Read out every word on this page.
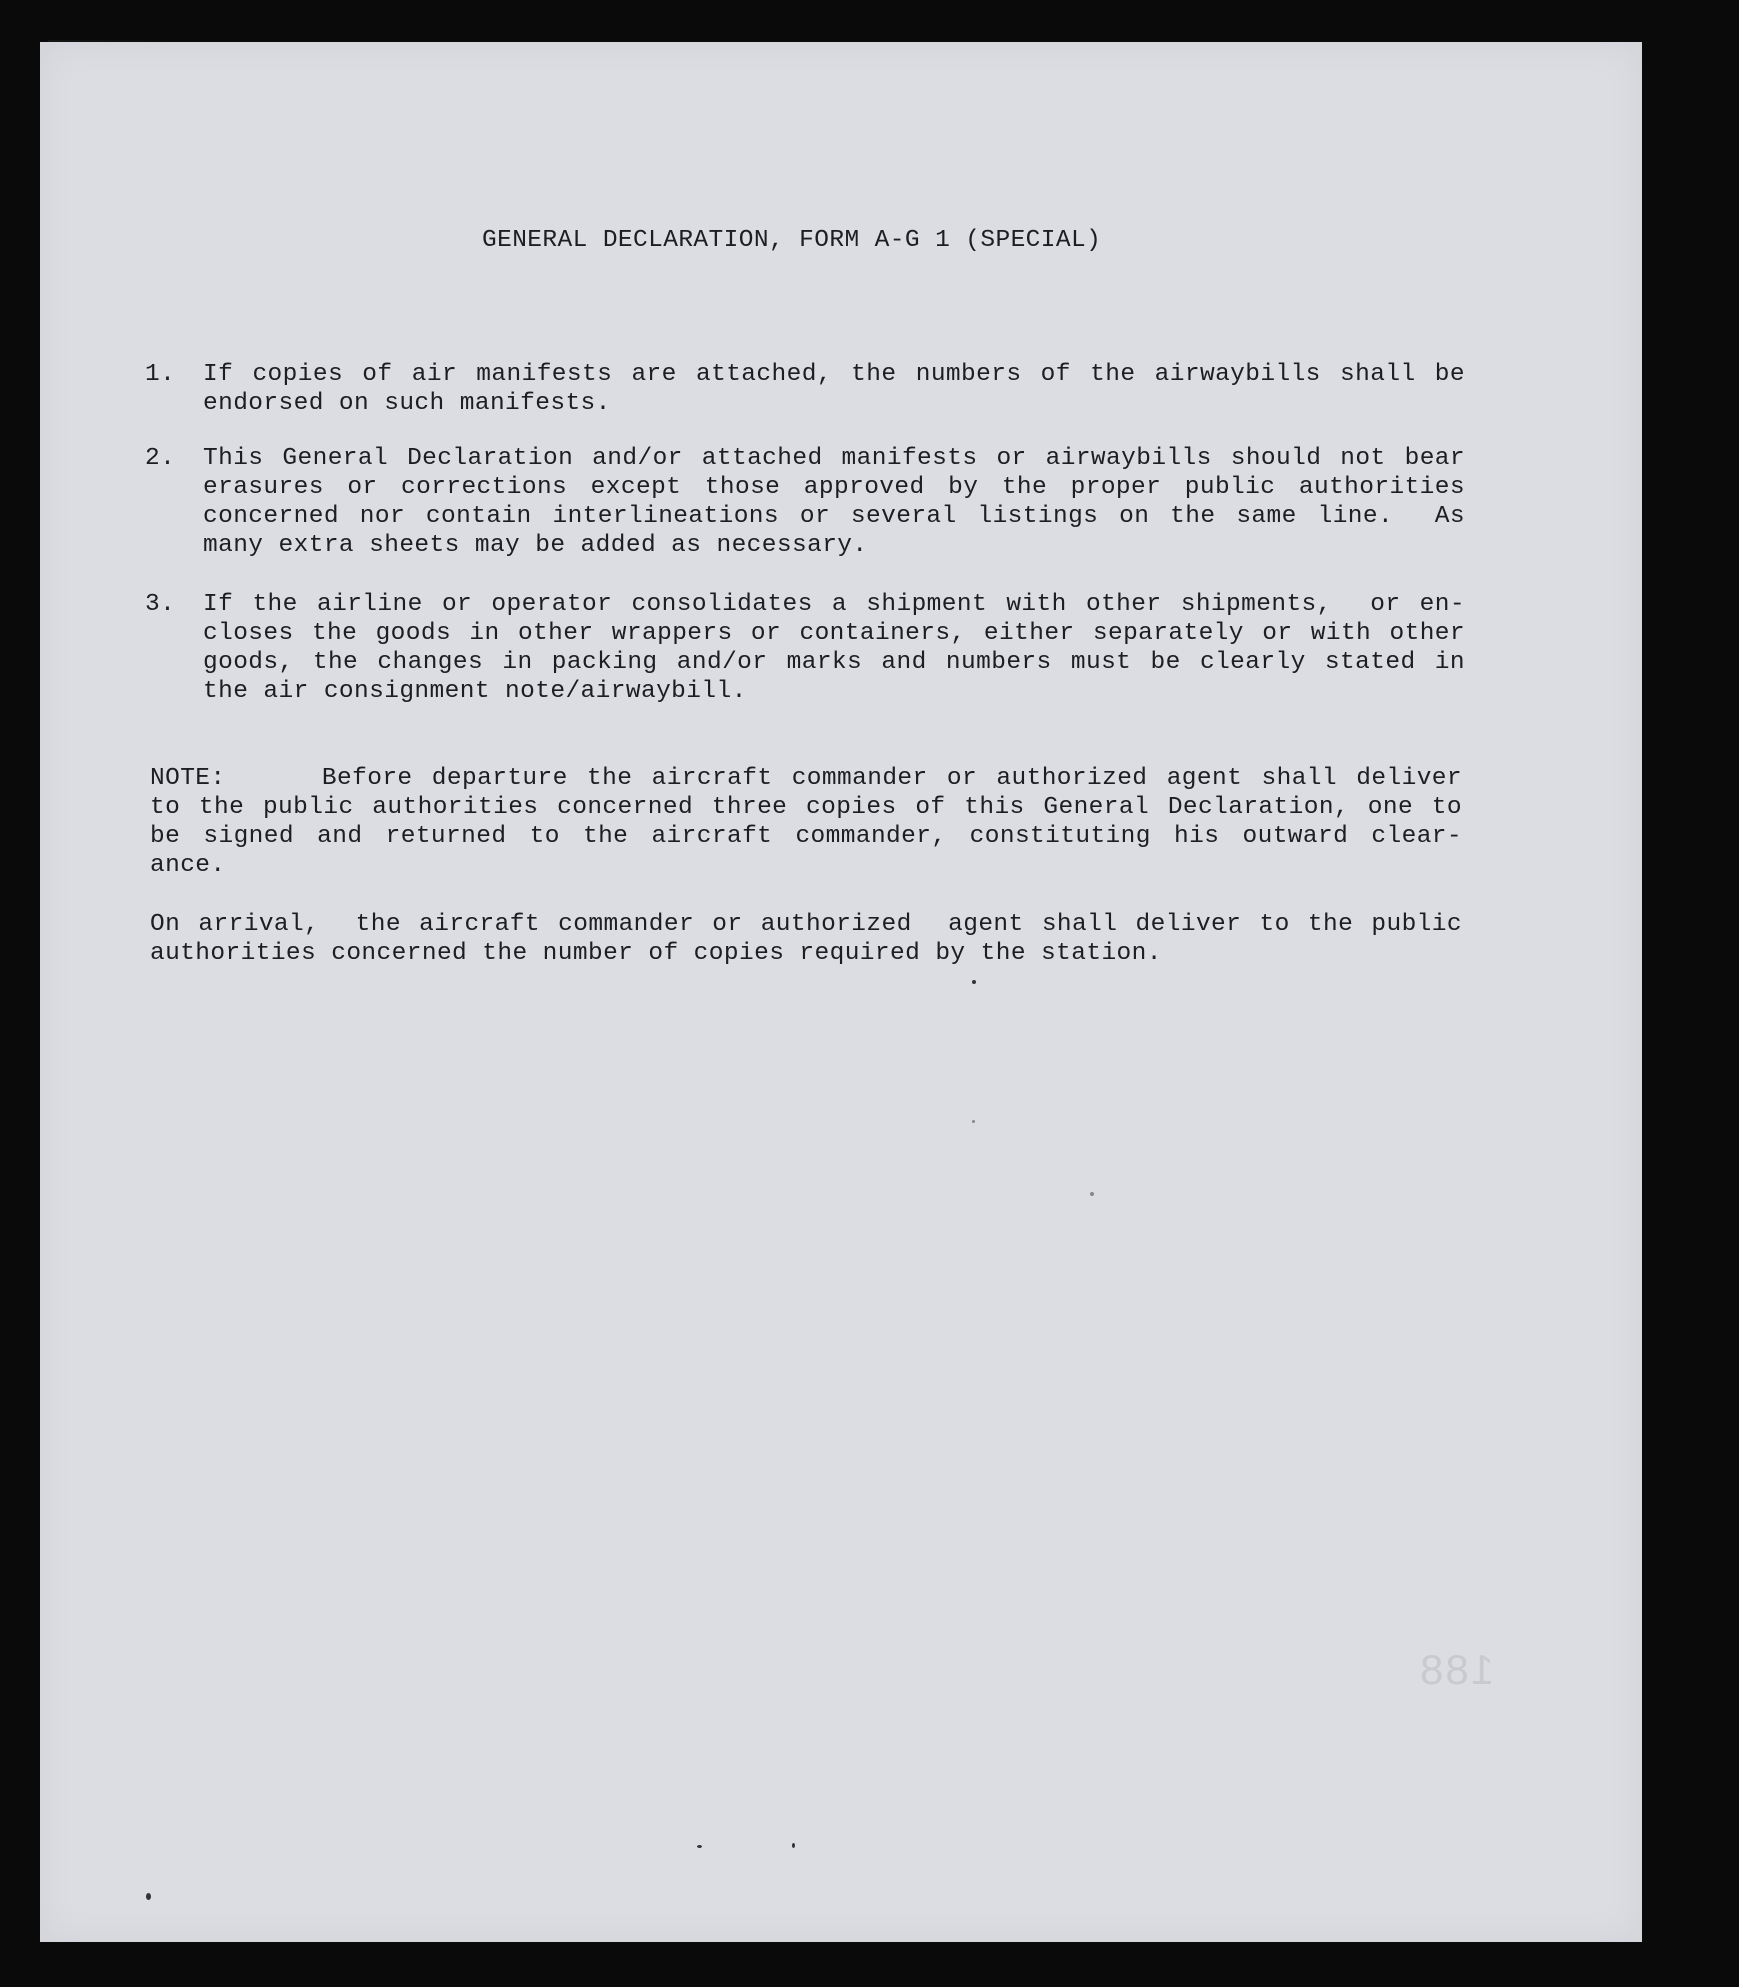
GENERAL DECLARATION, FORM A-G 1 (SPECIAL)
1. If copies of air manifests are attached, the numbers of the airwaybills shall be
endorsed on such manifests.
2. This General Declaration and/or attached manifests or airwaybills should not bear
erasures or corrections except those approved by the proper public authorities
concerned nor contain interlineations or several listings on the same line.  As
many extra sheets may be added as necessary.
3. If the airline or operator consolidates a shipment with other shipments,  or en-
closes the goods in other wrappers or containers, either separately or with other
goods, the changes in packing and/or marks and numbers must be clearly stated in
the air consignment note/airwaybill.
NOTE:     Before departure the aircraft commander or authorized agent shall deliver
to the public authorities concerned three copies of this General Declaration, one to
be signed and returned to the aircraft commander, constituting his outward clear-
ance.
On arrival,  the aircraft commander or authorized  agent shall deliver to the public
authorities concerned the number of copies required by the station.
188
